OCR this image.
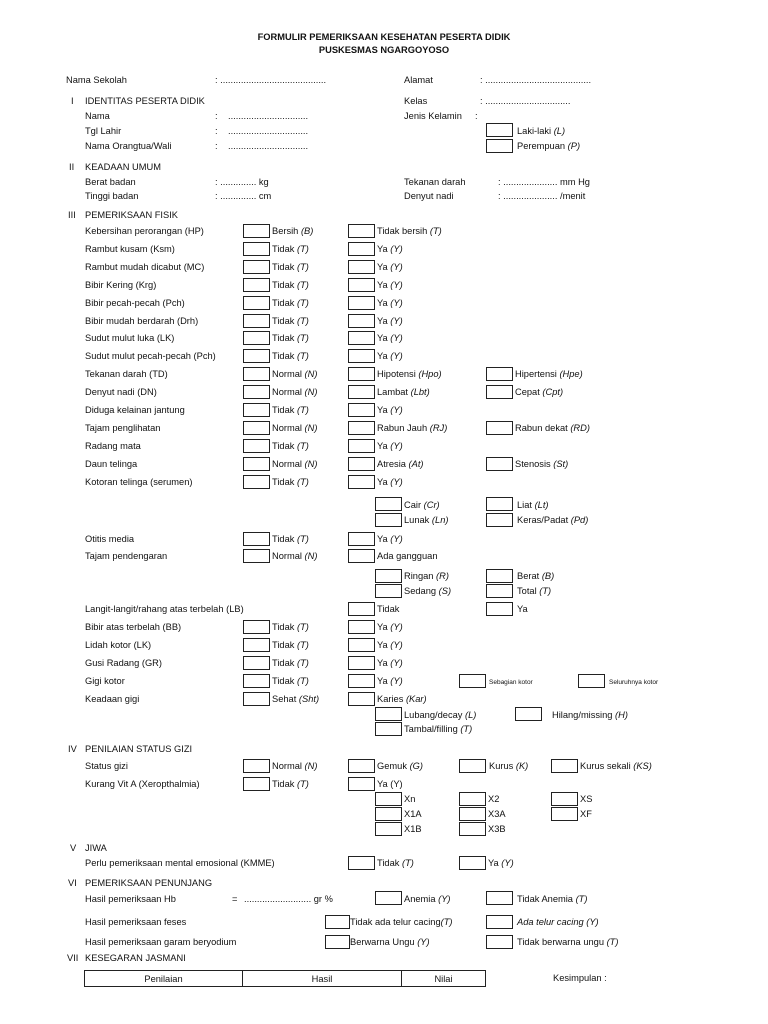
FORMULIR PEMERIKSAAN KESEHATAN PESERTA DIDIK
PUSKESMAS NGARGOYOSO
Nama Sekolah	: .........................................	Alamat	: .........................................
I IDENTITAS PESERTA DIDIK	Kelas	: .................................
Nama	: ...............................	Jenis Kelamin :
Tgl Lahir	: ...............................	Laki-laki (L)
Nama Orangtua/Wali	: ...............................	Perempuan (P)
II KEADAAN UMUM
Berat badan	: .............. kg	Tekanan darah	: ..................... mm Hg
Tinggi badan	: .............. cm	Denyut nadi	: ..................... /menit
III PEMERIKSAAN FISIK
Kebersihan perorangan (HP)	Bersih (B)	Tidak bersih (T)
Rambut kusam (Ksm)	Tidak (T)	Ya (Y)
Rambut mudah dicabut (MC)	Tidak (T)	Ya (Y)
Bibir Kering (Krg)	Tidak (T)	Ya (Y)
Bibir pecah-pecah (Pch)	Tidak (T)	Ya (Y)
Bibir mudah berdarah (Drh)	Tidak (T)	Ya (Y)
Sudut mulut luka (LK)	Tidak (T)	Ya (Y)
Sudut mulut pecah-pecah (Pch)	Tidak (T)	Ya (Y)
Tekanan darah (TD)	Normal (N)	Hipotensi (Hpo)	Hipertensi (Hpe)
Denyut nadi (DN)	Normal (N)	Lambat (Lbt)	Cepat (Cpt)
Diduga kelainan jantung	Tidak (T)	Ya (Y)
Tajam penglihatan	Normal (N)	Rabun Jauh (RJ)	Rabun dekat (RD)
Radang mata	Tidak (T)	Ya (Y)
Daun telinga	Normal (N)	Atresia (At)	Stenosis (St)
Kotoran telinga (serumen)	Tidak (T)	Ya (Y)
Cair (Cr)	Liat (Lt)
Lunak (Ln)	Keras/Padat (Pd)
Otitis media	Tidak (T)	Ya (Y)
Tajam pendengaran	Normal (N)	Ada gangguan
Ringan (R)	Berat (B)
Sedang (S)	Total (T)
Langit-langit/rahang atas terbelah (LB)	Tidak	Ya
Bibir atas terbelah (BB)	Tidak (T)	Ya (Y)
Lidah kotor (LK)	Tidak (T)	Ya (Y)
Gusi Radang (GR)	Tidak (T)	Ya (Y)
Gigi kotor	Tidak (T)	Ya (Y)	Sebagian kotor	Seluruhnya kotor
Keadaan gigi	Sehat (Sht)	Karies (Kar)
Lubang/decay (L)	Hilang/missing (H)
Tambal/filling (T)
IV PENILAIAN STATUS GIZI
Status gizi	Normal (N)	Gemuk (G)	Kurus (K)	Kurus sekali (KS)
Kurang Vit A (Xeropthalmia)	Tidak (T)	Ya (Y)
Xn	X2	XS
X1A	X3A	XF
X1B	X3B
V JIWA
Perlu pemeriksaan mental emosional (KMME)	Tidak (T)	Ya (Y)
VI PEMERIKSAAN PENUNJANG
Hasil pemeriksaan Hb	= .......................... gr %	Anemia (Y)	Tidak Anemia (T)
Hasil pemeriksaan feses	Tidak ada telur cacing(T)	Ada telur cacing (Y)
Hasil pemeriksaan garam beryodium	Berwarna Ungu (Y)	Tidak berwarna ungu (T)
VII KESEGARAN JASMANI
Penilaian	Hasil	Nilai	Kesimpulan :
